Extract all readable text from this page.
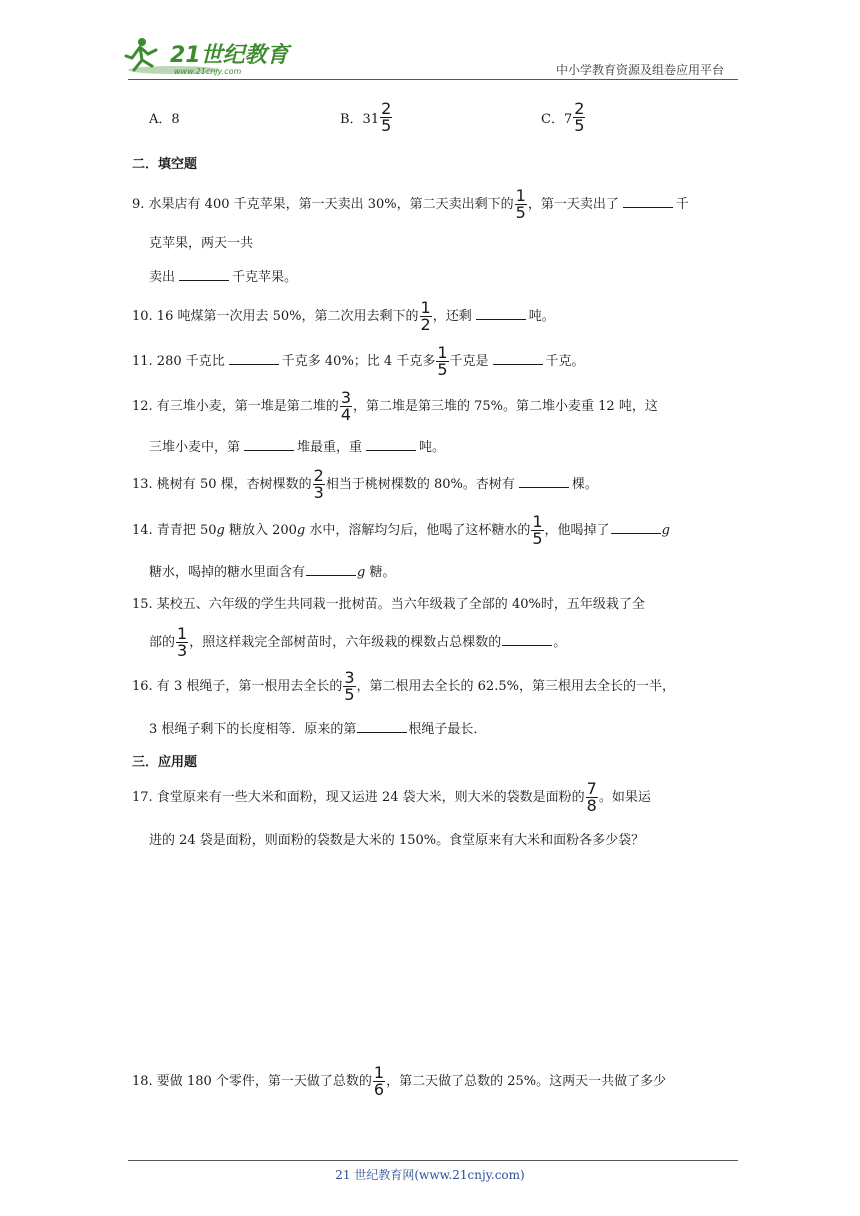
21世纪教育
www.21cnjy.com	中小学教育资源及组卷应用平台
A．8	B．$31 \frac{2}{5}$	C．$7 \frac{2}{5}$
二．填空题
9. 水果店有 400 千克苹果，第一天卖出 30%，第二天卖出剩下的 $\frac{1}{5}$ ，第一天卖出了	千
克苹果，两天一共
卖出	千克苹果。
10. 16 吨煤第一次用去 50%，第二次用去剩下的 $\frac{1}{2}$ ，还剩	吨。
11. 280 千克比	千克多 40%；比 4 千克多 $\frac{1}{5}$ 千克是	千克。
12. 有三堆小麦，第一堆是第二堆的 $\frac{3}{4}$ ，第二堆是第三堆的 75%。第二堆小麦重 12 吨，这
三堆小麦中，第	堆最重，重	吨。
13. 桃树有 50 棵，杏树棵数的 $\frac{2}{3}$ 相当于桃树棵数的 80%。杏树有	棵。
14. 青青把 50g 糖放入 200g 水中，溶解均匀后，他喝了这杯糖水的 $\frac{1}{5}$ ，他喝掉了	g
糖水，喝掉的糖水里面含有	g 糖。
15. 某校五、六年级的学生共同栽一批树苗。当六年级栽了全部的 40%时，五年级栽了全
部的 $\frac{1}{3}$ ，照这样栽完全部树苗时，六年级栽的棵数占总棵数的	。
16. 有 3 根绳子，第一根用去全长的 $\frac{3}{5}$ ，第二根用去全长的 62.5%，第三根用去全长的一半，
3 根绳子剩下的长度相等．原来的第	根绳子最长．
三．应用题
17. 食堂原来有一些大米和面粉，现又运进 24 袋大米，则大米的袋数是面粉的 $\frac{7}{8}$ 。如果运
进的 24 袋是面粉，则面粉的袋数是大米的 150%。食堂原来有大米和面粉各多少袋？
18. 要做 180 个零件，第一天做了总数的 $\frac{1}{6}$ ，第二天做了总数的 25%。这两天一共做了多少
21 世纪教育网(www.21cnjy.com)
